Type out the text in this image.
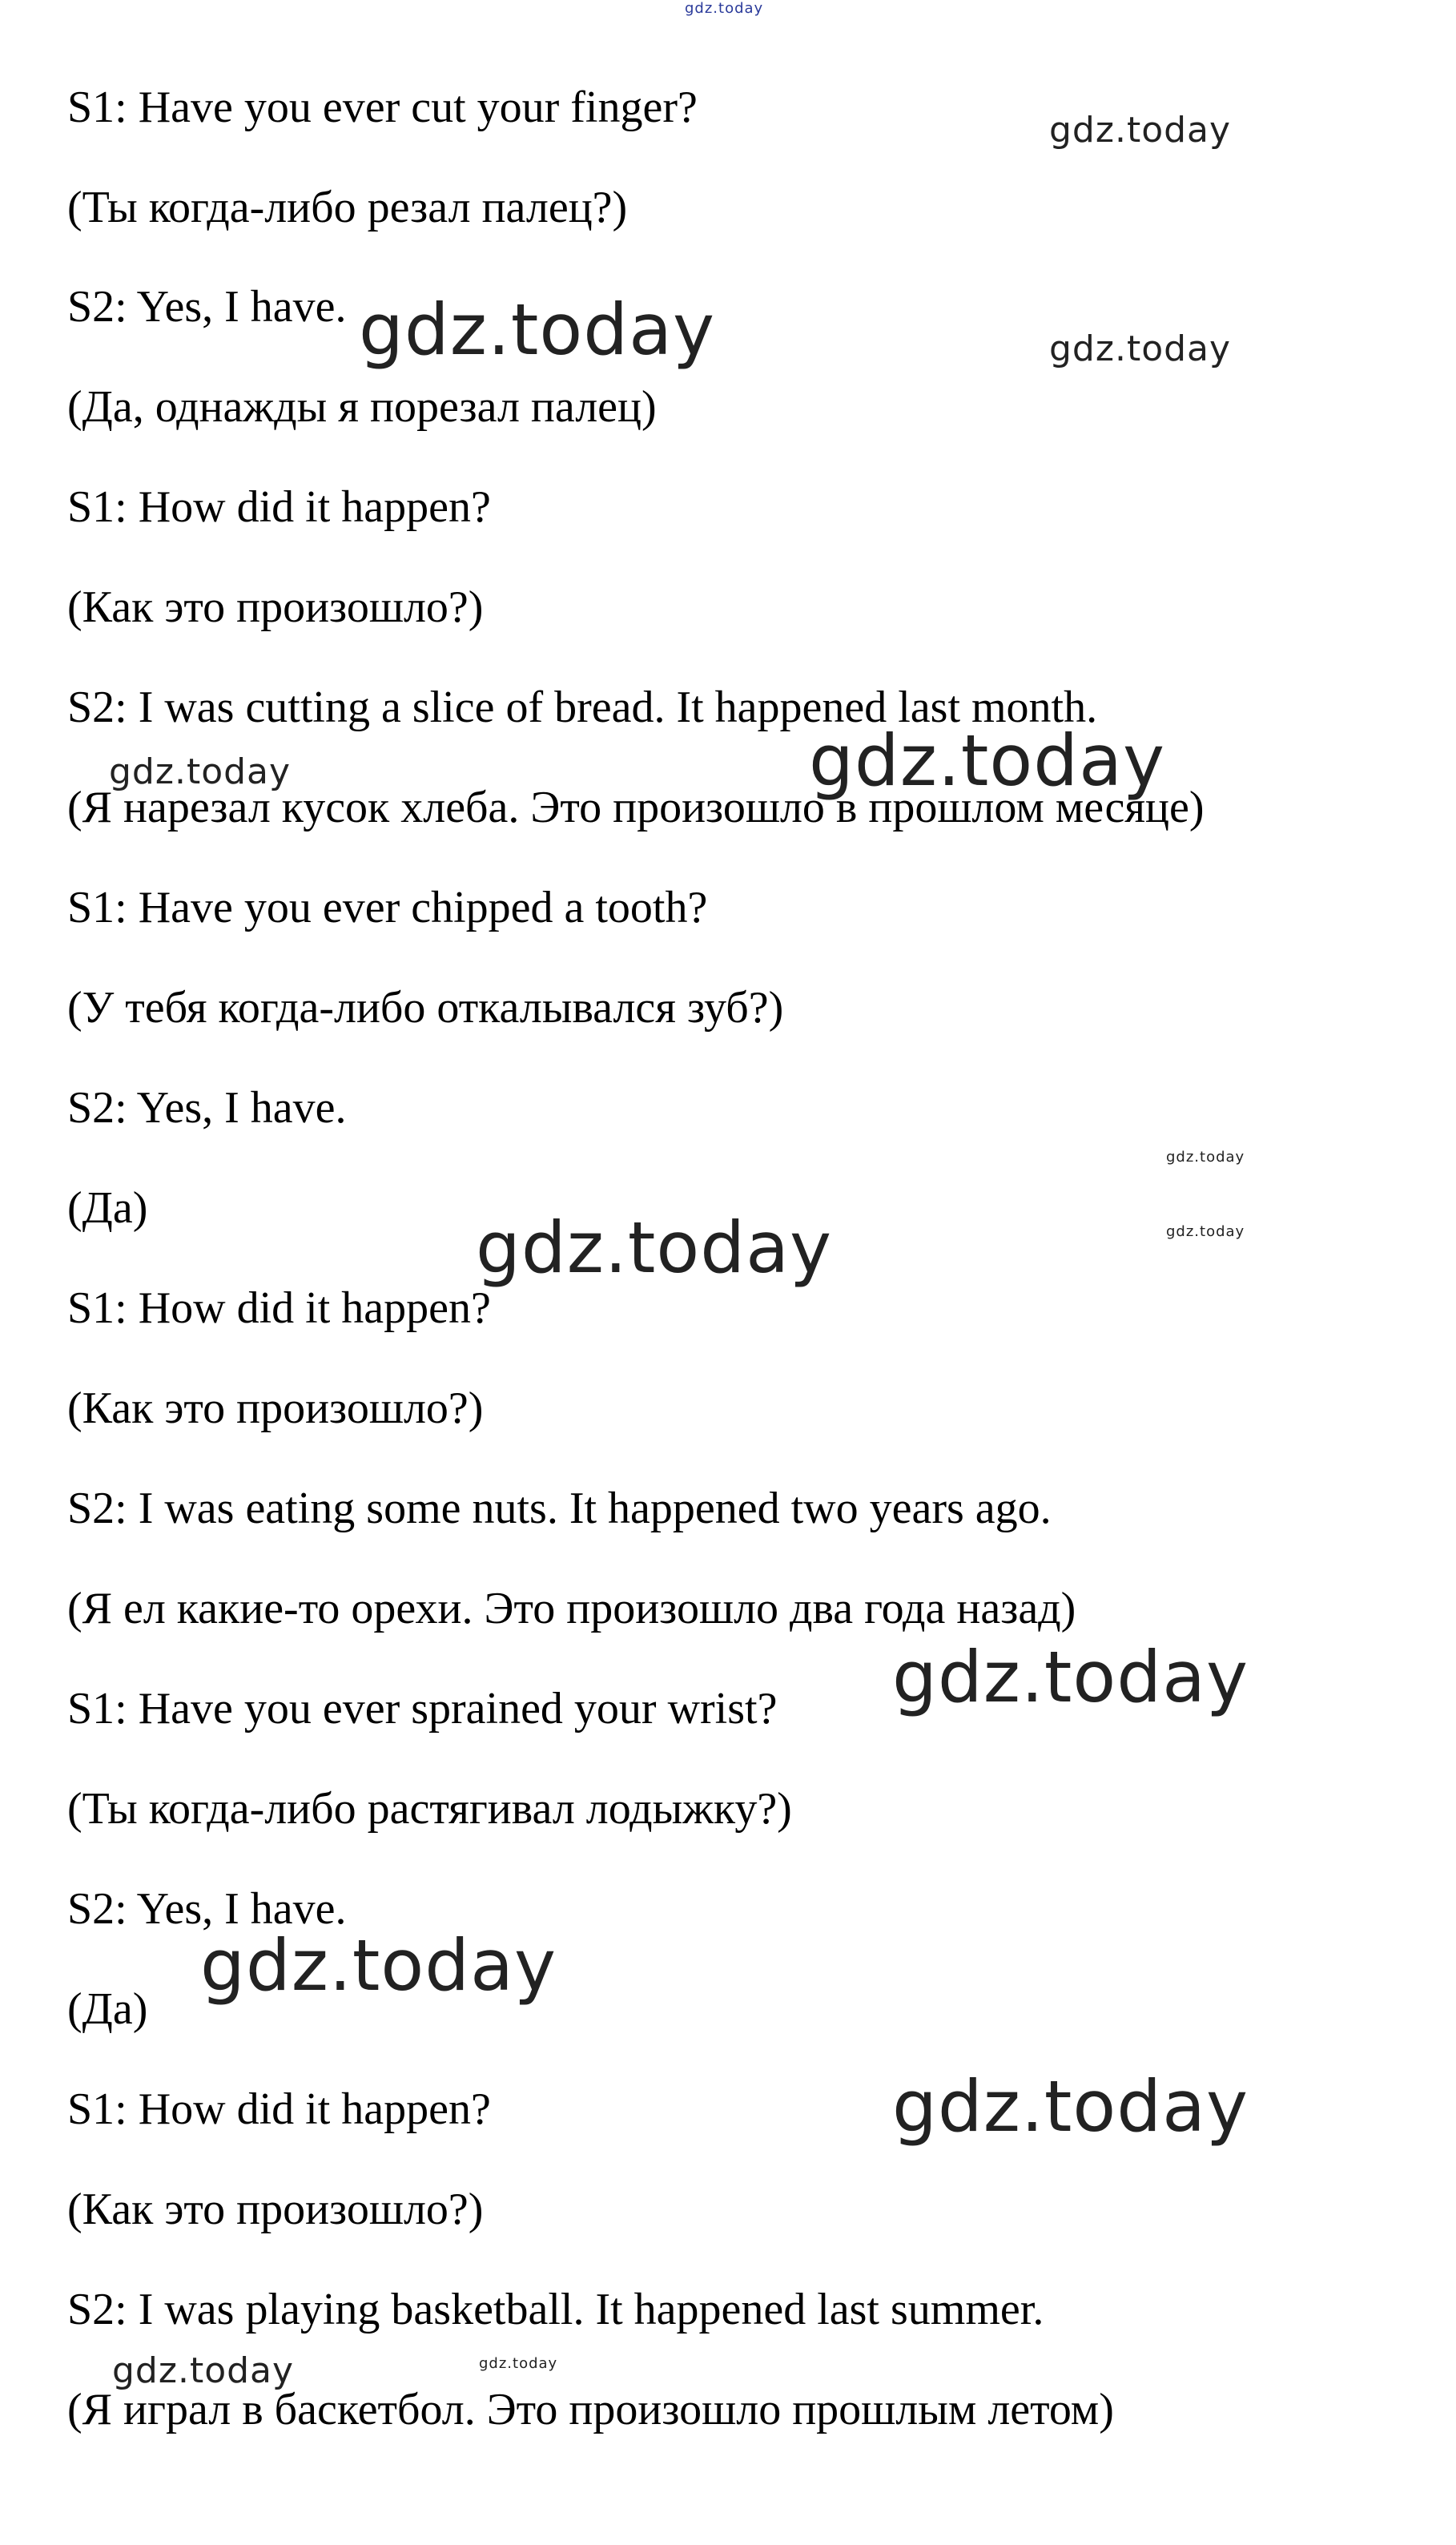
S1: Have you ever cut your finger?

(Ты когда-либо резал палец?)

S2: Yes, I have.

(Да, однажды я порезал палец)

S1: How did it happen?

(Как это произошло?)

S2: I was cutting a slice of bread. It happened last month.

(Я нарезал кусок хлеба. Это произошло в прошлом месяце)

S1: Have you ever chipped a tooth?

(У тебя когда-либо откалывался зуб?)

S2: Yes, I have.

(Да)

S1: How did it happen?

(Как это произошло?)

S2: I was eating some nuts. It happened two years ago.

(Я ел какие-то орехи. Это произошло два года назад)

S1: Have you ever sprained your wrist?

(Ты когда-либо растягивал лодыжку?)

S2: Yes, I have.

(Да)

S1: How did it happen?

(Как это произошло?)

S2: I was playing basketball. It happened last summer.

(Я играл в баскетбол. Это произошло прошлым летом)

gdz.today

gdz.today

gdz.today	gdz.today

gdz.today	gdz.today

gdz.today

gdz.today

gdz.today

gdz.today

gdz.today

gdz.today

gdz.today	gdz.today
